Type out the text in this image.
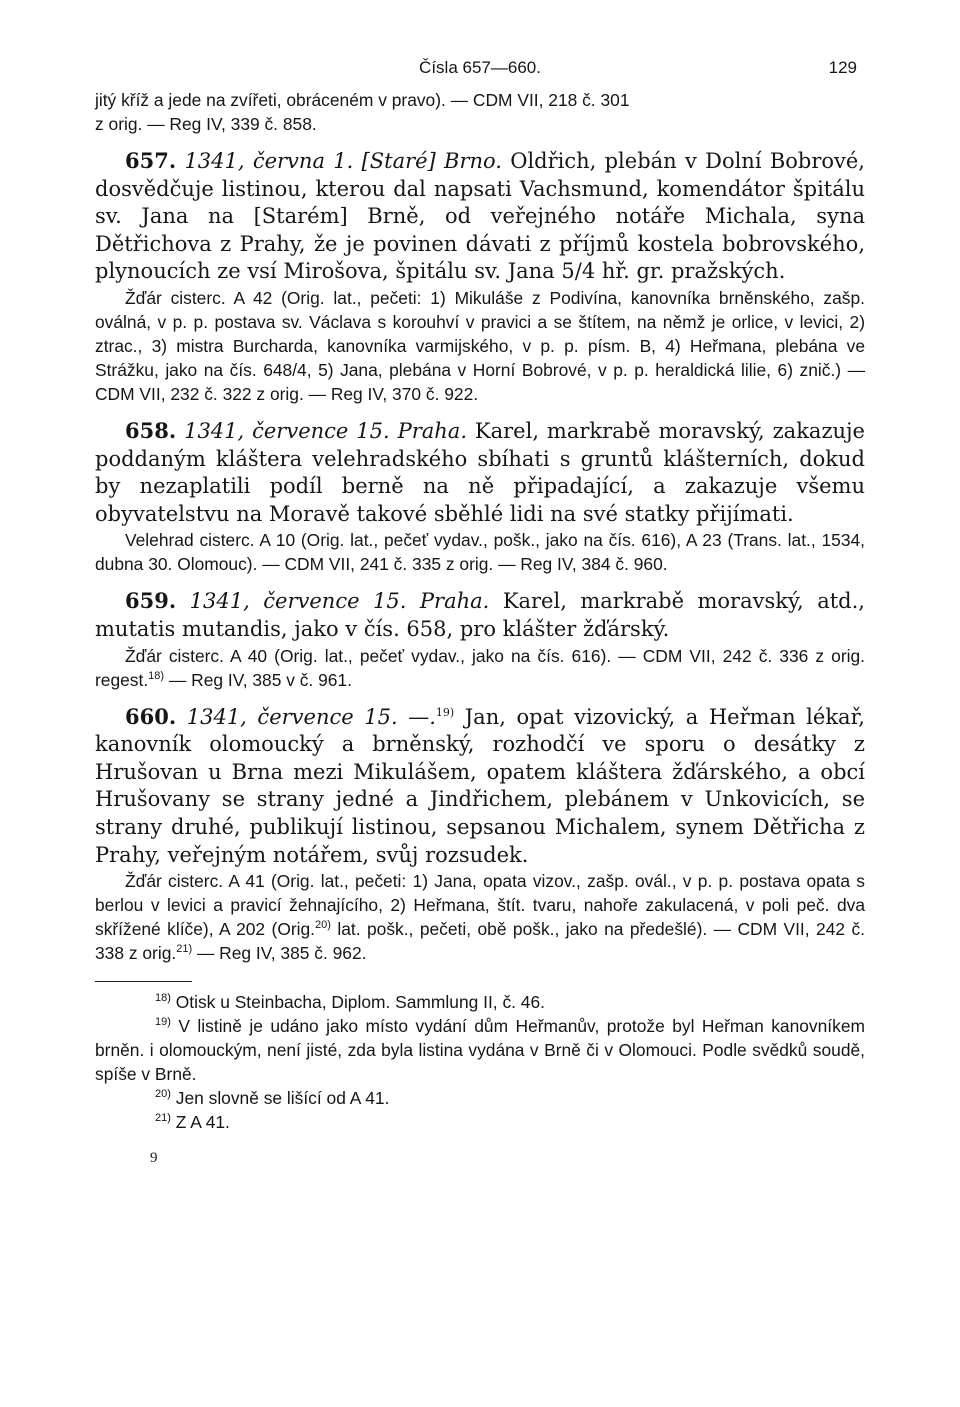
Čísla 657—660.	129

jitý kříž a jede na zvířeti, obráceném v pravo). — CDM VII, 218 č. 301
z orig. — Reg IV, 339 č. 858.

657. 1341, června 1. [Staré] Brno. Oldřich, plebán v Dolní Bobrové, dosvědčuje listinou, kterou dal napsati Vachsmund, komendátor špitálu sv. Jana na [Starém] Brně, od veřejného notáře Michala, syna Dětřichova z Prahy, že je povinen dávati z příjmů kostela bobrovského, plynoucích ze vsí Mirošova, špitálu sv. Jana 5/4 hř. gr. pražských.

Žďár cisterc. A 42 (Orig. lat., pečeti: 1) Mikuláše z Podivína, kanovníka brněnského, zašp. oválná, v p. p. postava sv. Václava s korouhví v pravici a se štítem, na němž je orlice, v levici, 2) ztrac., 3) mistra Burcharda, kanovníka varmijského, v p. p. písm. B, 4) Heřmana, plebána ve Strážku, jako na čís. 648/4, 5) Jana, plebána v Horní Bobrové, v p. p. heraldická lilie, 6) znič.) — CDM VII, 232 č. 322 z orig. — Reg IV, 370 č. 922.

658. 1341, července 15. Praha. Karel, markrabě moravský, zakazuje poddaným kláštera velehradského sbíhati s gruntů klášterních, dokud by nezaplatili podíl berně na ně připadající, a zakazuje všemu obyvatelstvu na Moravě takové sběhlé lidi na své statky přijímati.

Velehrad cisterc. A 10 (Orig. lat., pečeť vydav., pošk., jako na čís. 616), A 23 (Trans. lat., 1534, dubna 30. Olomouc). — CDM VII, 241 č. 335 z orig. — Reg IV, 384 č. 960.

659. 1341, července 15. Praha. Karel, markrabě moravský, atd., mutatis mutandis, jako v čís. 658, pro klášter žďárský.

Žďár cisterc. A 40 (Orig. lat., pečeť vydav., jako na čís. 616). — CDM VII, 242 č. 336 z orig. regest.$^{18)}$ — Reg IV, 385 v č. 961.

660. 1341, července 15. —.$^{19)}$ Jan, opat vizovický, a Heřman lékař, kanovník olomoucký a brněnský, rozhodčí ve sporu o desátky z Hrušovan u Brna mezi Mikulášem, opatem kláštera žďárského, a obcí Hrušovany se strany jedné a Jindřichem, plebánem v Unkovicích, se strany druhé, publikují listinou, sepsanou Michalem, synem Dětřicha z Prahy, veřejným notářem, svůj rozsudek.

Žďár cisterc. A 41 (Orig. lat., pečeti: 1) Jana, opata vizov., zašp. ovál., v p. p. postava opata s berlou v levici a pravicí žehnajícího, 2) Heřmana, štít. tvaru, nahoře zakulacená, v poli peč. dva skřížené klíče), A 202 (Orig.$^{20)}$ lat. pošk., pečeti, obě pošk., jako na předešlé). — CDM VII, 242 č. 338 z orig.$^{21)}$ — Reg IV, 385 č. 962.

$^{18)}$ Otisk u Steinbacha, Diplom. Sammlung II, č. 46.

$^{19)}$ V listině je udáno jako místo vydání dům Heřmanův, protože byl Heřman kanovníkem brněn. i olomouckým, není jisté, zda byla listina vydána v Brně či v Olomouci. Podle svědků soudě, spíše v Brně.

$^{20)}$ Jen slovně se lišící od A 41.

$^{21)}$ Z A 41.

9
